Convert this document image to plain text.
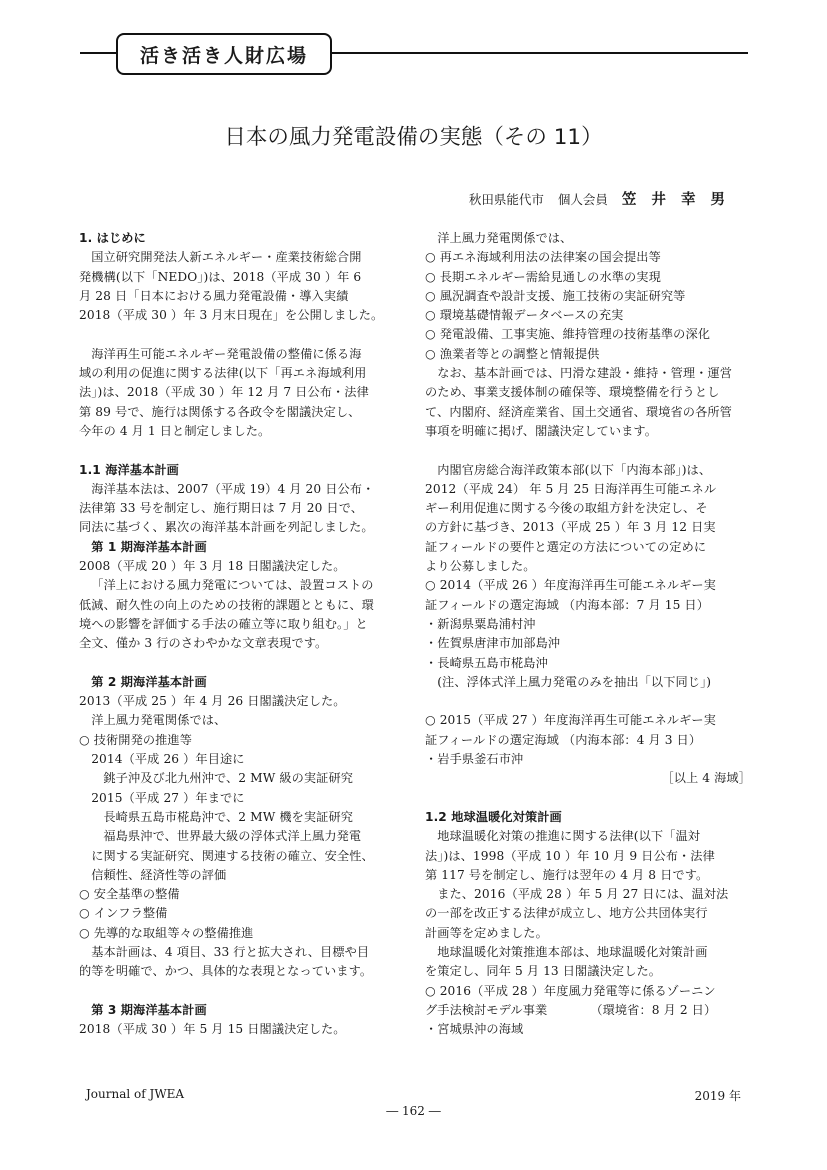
活き活き人財広場
日本の風力発電設備の実態（その 11）
秋田県能代市 個人会員 笠 井 幸 男

1. はじめに

国立研究開発法人新エネルギー・産業技術総合開

発機構(以下「NEDO」)は、2018（平成 30 ）年 6

月 28 日「日本における風力発電設備・導入実績

2018（平成 30 ）年 3 月末日現在」を公開しました。

海洋再生可能エネルギー発電設備の整備に係る海

域の利用の促進に関する法律(以下「再エネ海域利用

法」)は、2018（平成 30 ）年 12 月 7 日公布・法律

第 89 号で、施行は関係する各政令を閣議決定し、

今年の 4 月 1 日と制定しました。

1.1 海洋基本計画

海洋基本法は、2007（平成 19）4 月 20 日公布・

法律第 33 号を制定し、施行期日は 7 月 20 日で、

同法に基づく、累次の海洋基本計画を列記しました。

第 1 期海洋基本計画

2008（平成 20 ）年 3 月 18 日閣議決定した。

「洋上における風力発電については、設置コストの

低減、耐久性の向上のための技術的課題とともに、環

境への影響を評価する手法の確立等に取り組む。」と

全文、僅か 3 行のさわやかな文章表現です。

第 2 期海洋基本計画

2013（平成 25 ）年 4 月 26 日閣議決定した。

洋上風力発電関係では、

○ 技術開発の推進等

2014（平成 26 ）年目途に

銚子沖及び北九州沖で、2 MW 級の実証研究

2015（平成 27 ）年までに

長崎県五島市椛島沖で、2 MW 機を実証研究

福島県沖で、世界最大級の浮体式洋上風力発電

に関する実証研究、関連する技術の確立、安全性、

信頼性、経済性等の評価

○ 安全基準の整備

○ インフラ整備

○ 先導的な取組等々の整備推進

基本計画は、4 項目、33 行と拡大され、目標や目

的等を明確で、かつ、具体的な表現となっています。

第 3 期海洋基本計画

2018（平成 30 ）年 5 月 15 日閣議決定した。

洋上風力発電関係では、

○ 再エネ海域利用法の法律案の国会提出等

○ 長期エネルギー需給見通しの水準の実現

○ 風況調査や設計支援、施工技術の実証研究等

○ 環境基礎情報データベースの充実

○ 発電設備、工事実施、維持管理の技術基準の深化

○ 漁業者等との調整と情報提供

なお、基本計画では、円滑な建設・維持・管理・運営

のため、事業支援体制の確保等、環境整備を行うとし

て、内閣府、経済産業省、国土交通省、環境省の各所管

事項を明確に掲げ、閣議決定しています。

内閣官房総合海洋政策本部(以下「内海本部」)は、

2012（平成 24） 年 5 月 25 日海洋再生可能エネル

ギー利用促進に関する今後の取組方針を決定し、そ

の方針に基づき、2013（平成 25 ）年 3 月 12 日実

証フィールドの要件と選定の方法についての定めに

より公募しました。

○ 2014（平成 26 ）年度海洋再生可能エネルギー実

証フィールドの選定海域 （内海本部：7 月 15 日）

・新潟県粟島浦村沖

・佐賀県唐津市加部島沖

・長崎県五島市椛島沖

(注、浮体式洋上風力発電のみを抽出「以下同じ」)

○ 2015（平成 27 ）年度海洋再生可能エネルギー実

証フィールドの選定海域 （内海本部：4 月 3 日）

・岩手県釜石市沖

［以上 4 海域］

1.2 地球温暖化対策計画

地球温暖化対策の推進に関する法律(以下「温対

法」)は、1998（平成 10 ）年 10 月 9 日公布・法律

第 117 号を制定し、施行は翌年の 4 月 8 日です。

また、2016（平成 28 ）年 5 月 27 日には、温対法

の一部を改正する法律が成立し、地方公共団体実行

計画等を定めました。

地球温暖化対策推進本部は、地球温暖化対策計画

を策定し、同年 5 月 13 日閣議決定した。

○ 2016（平成 28 ）年度風力発電等に係るゾーニン

グ手法検討モデル事業　　　　（環境省：8 月 2 日）

・宮城県沖の海域

Journal of JWEA	2019 年
― 162 ―
